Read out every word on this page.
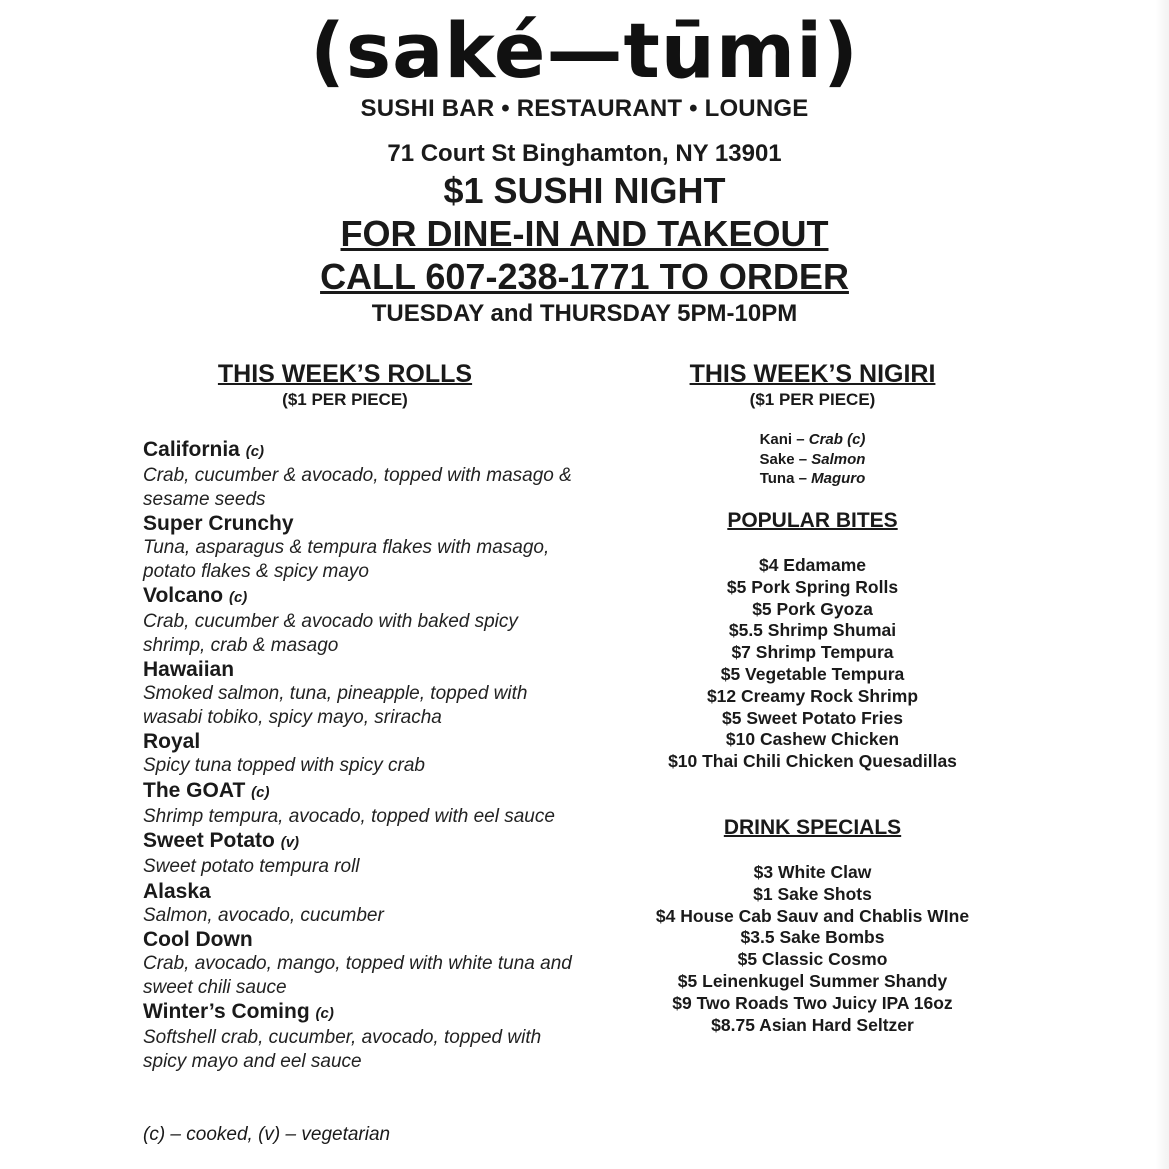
(saké—tūmi)
SUSHI BAR • RESTAURANT • LOUNGE
71 Court St Binghamton, NY 13901
$1 SUSHI NIGHT
FOR DINE-IN AND TAKEOUT
CALL 607-238-1771 TO ORDER
TUESDAY and THURSDAY 5PM-10PM
THIS WEEK’S ROLLS
($1 PER PIECE)
California (c)
Crab, cucumber & avocado, topped with masago & sesame seeds
Super Crunchy
Tuna, asparagus & tempura flakes with masago, potato flakes & spicy mayo
Volcano (c)
Crab, cucumber & avocado with baked spicy shrimp, crab & masago
Hawaiian
Smoked salmon, tuna, pineapple, topped with wasabi tobiko, spicy mayo, sriracha
Royal
Spicy tuna topped with spicy crab
The GOAT (c)
Shrimp tempura, avocado, topped with eel sauce
Sweet Potato (v)
Sweet potato tempura roll
Alaska
Salmon, avocado, cucumber
Cool Down
Crab, avocado, mango, topped with white tuna and sweet chili sauce
Winter’s Coming (c)
Softshell crab, cucumber, avocado, topped with spicy mayo and eel sauce
(c) – cooked, (v) – vegetarian
THIS WEEK’S NIGIRI
($1 PER PIECE)
Kani – Crab (c)
Sake – Salmon
Tuna – Maguro
POPULAR BITES
$4 Edamame
$5 Pork Spring Rolls
$5 Pork Gyoza
$5.5 Shrimp Shumai
$7 Shrimp Tempura
$5 Vegetable Tempura
$12 Creamy Rock Shrimp
$5 Sweet Potato Fries
$10 Cashew Chicken
$10 Thai Chili Chicken Quesadillas
DRINK SPECIALS
$3 White Claw
$1 Sake Shots
$4 House Cab Sauv and Chablis WIne
$3.5 Sake Bombs
$5 Classic Cosmo
$5 Leinenkugel Summer Shandy
$9 Two Roads Two Juicy IPA 16oz
$8.75 Asian Hard Seltzer
